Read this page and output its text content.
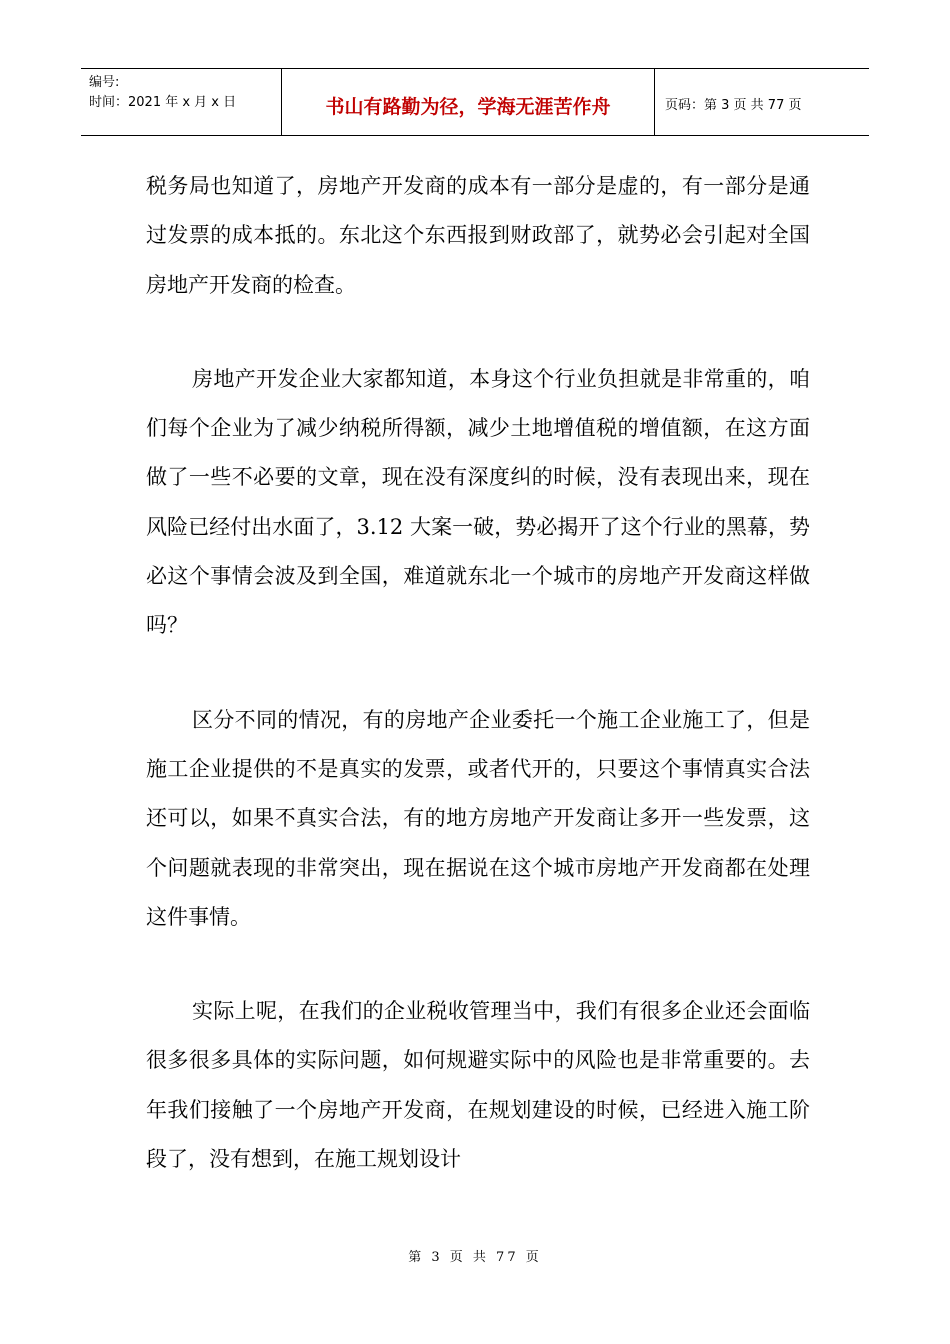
编号:
时间：2021 年 x 月 x 日	书山有路勤为径，学海无涯苦作舟	页码：第 3 页 共 77 页

税务局也知道了，房地产开发商的成本有一部分是虚的，有一部分是通过发票的成本抵的。东北这个东西报到财政部了，就势必会引起对全国房地产开发商的检查。

房地产开发企业大家都知道，本身这个行业负担就是非常重的，咱们每个企业为了减少纳税所得额，减少土地增值税的增值额，在这方面做了一些不必要的文章，现在没有深度纠的时候，没有表现出来，现在风险已经付出水面了，3.12 大案一破，势必揭开了这个行业的黑幕，势必这个事情会波及到全国，难道就东北一个城市的房地产开发商这样做吗？

区分不同的情况，有的房地产企业委托一个施工企业施工了，但是施工企业提供的不是真实的发票，或者代开的，只要这个事情真实合法还可以，如果不真实合法，有的地方房地产开发商让多开一些发票，这个问题就表现的非常突出，现在据说在这个城市房地产开发商都在处理这件事情。

实际上呢，在我们的企业税收管理当中，我们有很多企业还会面临很多很多具体的实际问题，如何规避实际中的风险也是非常重要的。去年我们接触了一个房地产开发商，在规划建设的时候，已经进入施工阶段了，没有想到，在施工规划设计

第 3 页 共 77 页
